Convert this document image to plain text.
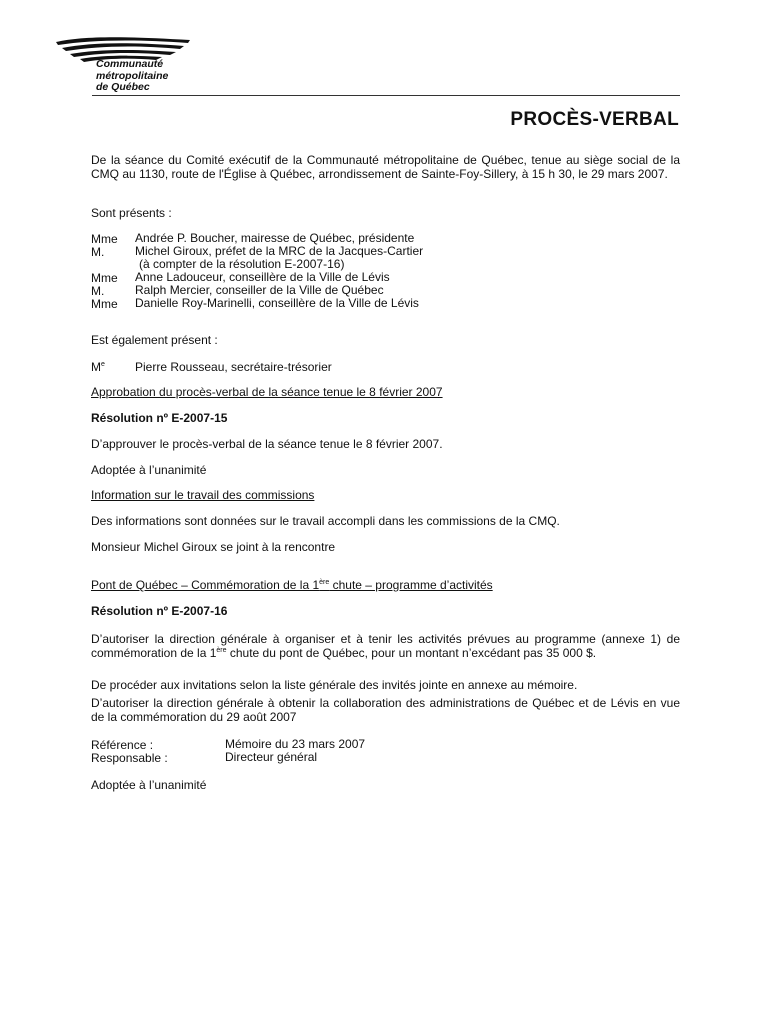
Communauté
métropolitaine
de Québec
PROCÈS-VERBAL
De la séance du Comité exécutif de la Communauté métropolitaine de Québec, tenue au siège social de la CMQ au 1130, route de l'Église à Québec, arrondissement de Sainte-Foy-Sillery, à 15 h 30, le 29 mars 2007.
Sont présents :
Mme Andrée P. Boucher, mairesse de Québec, présidente
M.	Michel Giroux, préfet de la MRC de la Jacques-Cartier
(à compter de la résolution E-2007-16)
Mme Anne Ladouceur, conseillère de la Ville de Lévis
M.	Ralph Mercier, conseiller de la Ville de Québec
Mme Danielle Roy-Marinelli, conseillère de la Ville de Lévis
Est également présent :
Me	Pierre Rousseau, secrétaire-trésorier
Approbation du procès-verbal de la séance tenue le 8 février 2007
Résolution nº E-2007-15
D’approuver le procès-verbal de la séance tenue le 8 février 2007.
Adoptée à l’unanimité
Information sur le travail des commissions
Des informations sont données sur le travail accompli dans les commissions de la CMQ.
Monsieur Michel Giroux se joint à la rencontre
Pont de Québec – Commémoration de la 1ère chute – programme d’activités
Résolution nº E-2007-16
D’autoriser la direction générale à organiser et à tenir les activités prévues au programme (annexe 1) de commémoration de la 1ère chute du pont de Québec, pour un montant n’excédant pas 35 000 $.
De procéder aux invitations selon la liste générale des invités jointe en annexe au mémoire.
D’autoriser la direction générale à obtenir la collaboration des administrations de Québec et de Lévis en vue de la commémoration du 29 août 2007
Référence :	Mémoire du 23 mars 2007
Responsable :	Directeur général
Adoptée à l’unanimité
